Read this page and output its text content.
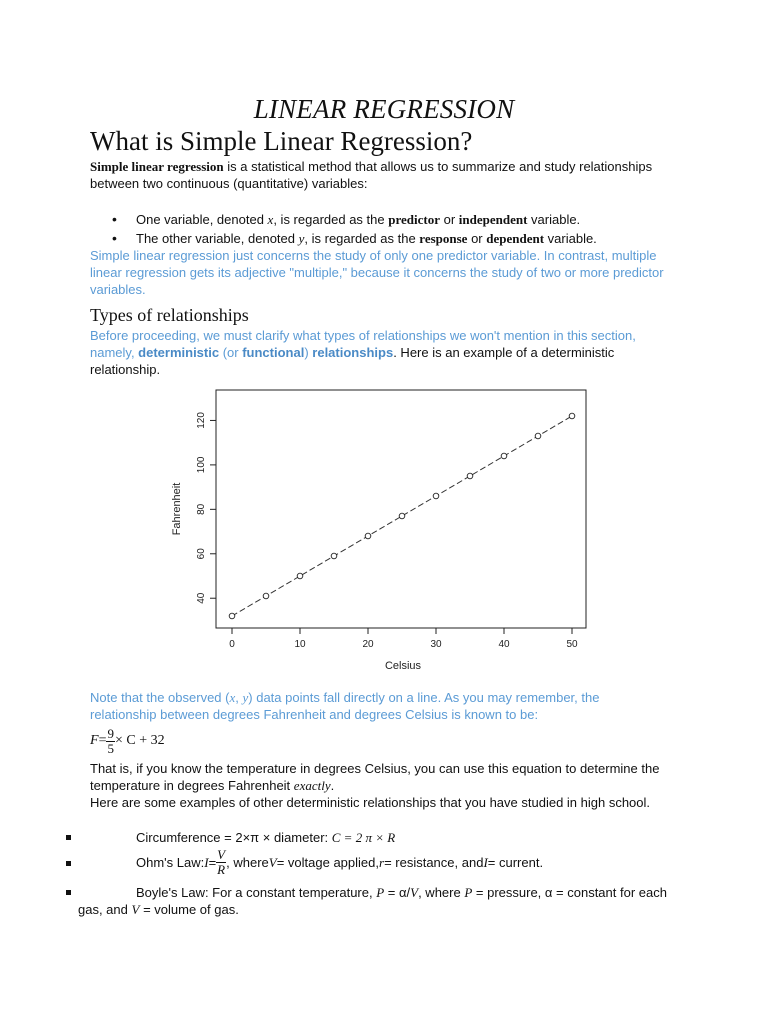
LINEAR REGRESSION
What is Simple Linear Regression?
Simple linear regression is a statistical method that allows us to summarize and study relationships
between two continuous (quantitative) variables:
• One variable, denoted x, is regarded as the predictor or independent variable.
• The other variable, denoted y, is regarded as the response or dependent variable.
Simple linear regression just concerns the study of only one predictor variable. In contrast, multiple
linear regression gets its adjective "multiple," because it concerns the study of two or more predictor
variables.
Types of relationships
Before proceeding, we must clarify what types of relationships we won't mention in this section,
namely, deterministic (or functional) relationships. Here is an example of a deterministic
relationship.
0	10	20	30	40	50
40
60
80
100
120
Celsius
Fahrenheit
Note that the observed (x, y) data points fall directly on a line. As you may remember, the
relationship between degrees Fahrenheit and degrees Celsius is known to be:
$F = \frac{9}{5} \times C + 32$
That is, if you know the temperature in degrees Celsius, you can use this equation to determine the
temperature in degrees Fahrenheit exactly.
Here are some examples of other deterministic relationships that you have studied in high school.
Circumference = 2×π × diameter: C = 2 π × R
Ohm's Law: $I = \frac{V}{R}$ , where V = voltage applied, r = resistance, and I = current.
Boyle's Law: For a constant temperature, P = α/V, where P = pressure, α = constant for each
gas, and V = volume of gas.
